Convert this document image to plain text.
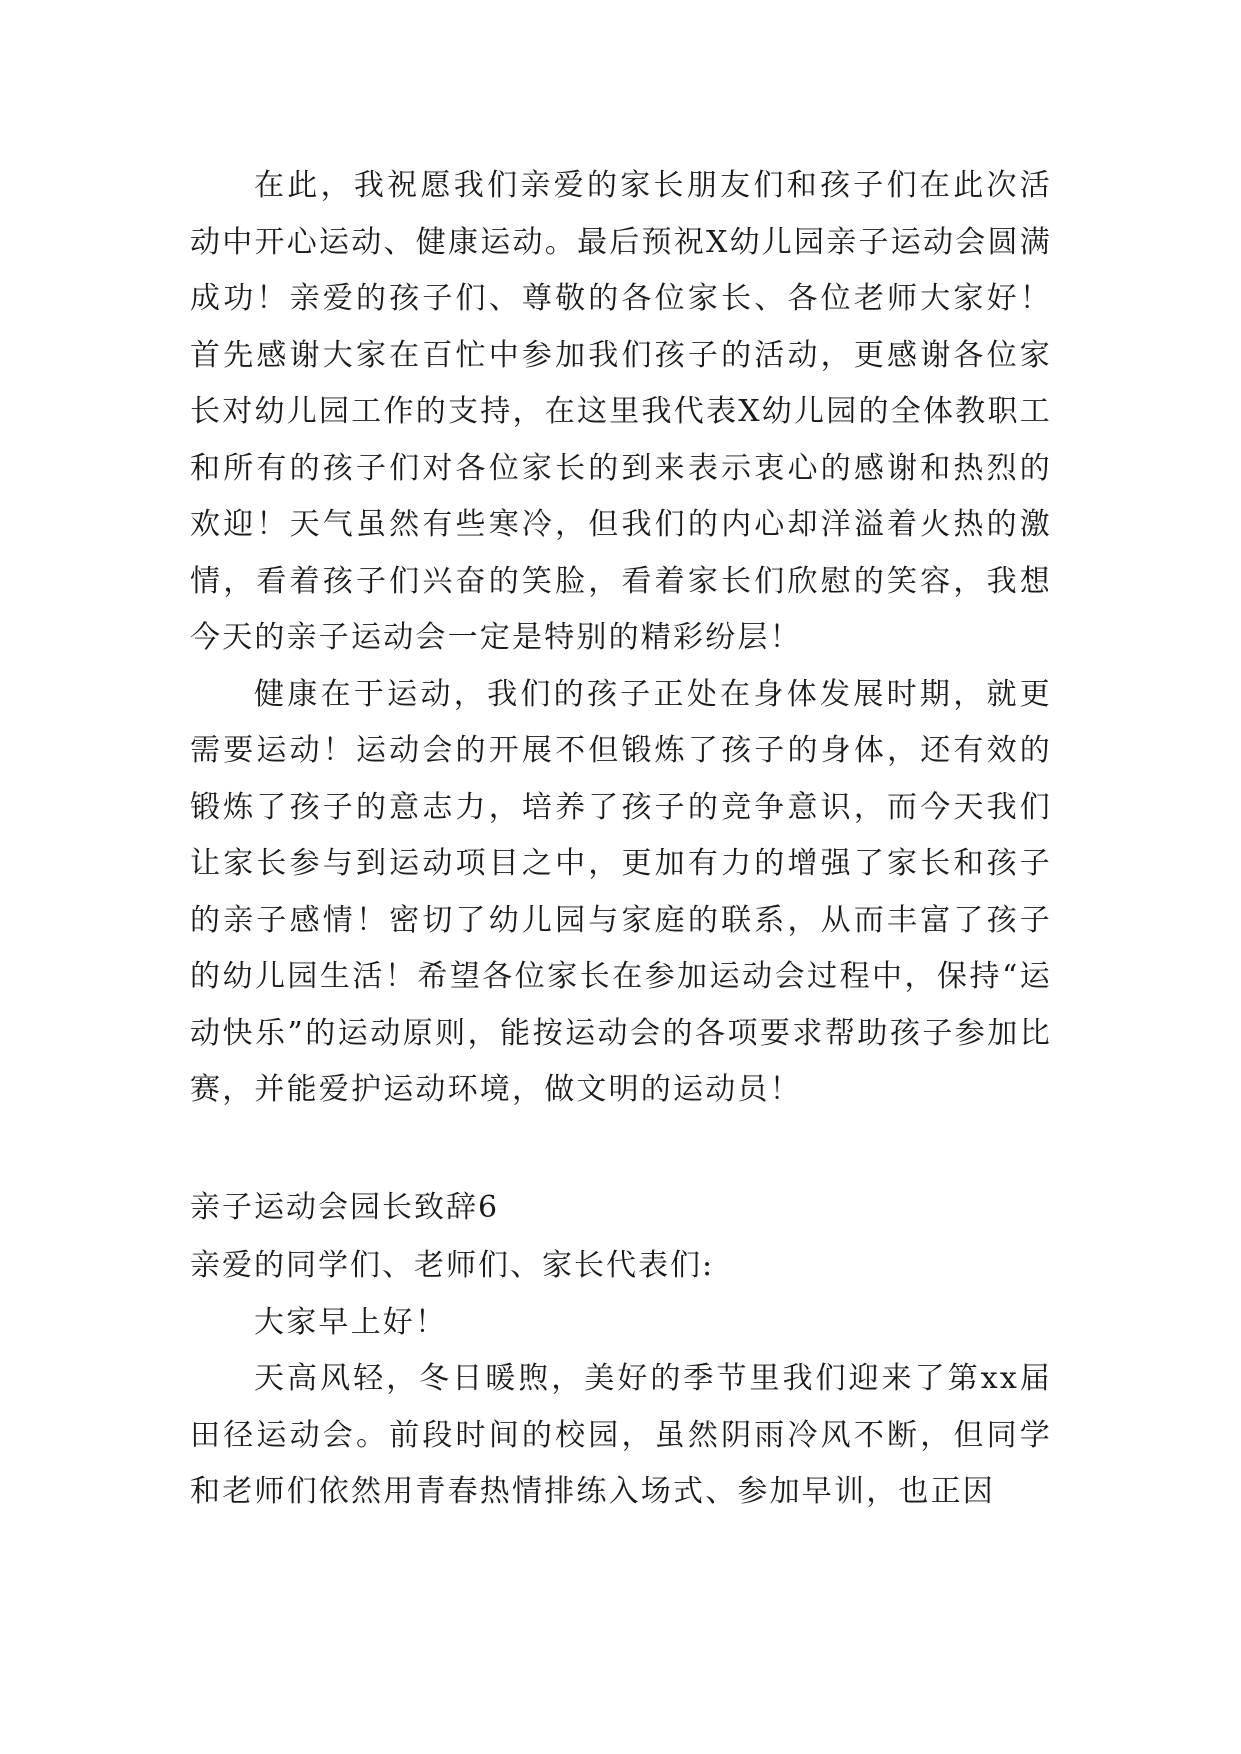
在此，我祝愿我们亲爱的家长朋友们和孩子们在此次活动中开心运动、健康运动。最后预祝X幼儿园亲子运动会圆满成功！亲爱的孩子们、尊敬的各位家长、各位老师大家好！首先感谢大家在百忙中参加我们孩子的活动，更感谢各位家长对幼儿园工作的支持，在这里我代表X幼儿园的全体教职工和所有的孩子们对各位家长的到来表示衷心的感谢和热烈的欢迎！天气虽然有些寒冷，但我们的内心却洋溢着火热的激情，看着孩子们兴奋的笑脸，看着家长们欣慰的笑容，我想今天的亲子运动会一定是特别的精彩纷层！

健康在于运动，我们的孩子正处在身体发展时期，就更需要运动！运动会的开展不但锻炼了孩子的身体，还有效的锻炼了孩子的意志力，培养了孩子的竞争意识，而今天我们让家长参与到运动项目之中，更加有力的增强了家长和孩子的亲子感情！密切了幼儿园与家庭的联系，从而丰富了孩子的幼儿园生活！希望各位家长在参加运动会过程中，保持“运动快乐”的运动原则，能按运动会的各项要求帮助孩子参加比赛，并能爱护运动环境，做文明的运动员！

亲子运动会园长致辞6

亲爱的同学们、老师们、家长代表们:

大家早上好！

天高风轻，冬日暖煦，美好的季节里我们迎来了第xx届田径运动会。前段时间的校园，虽然阴雨冷风不断，但同学和老师们依然用青春热情排练入场式、参加早训，也正因
